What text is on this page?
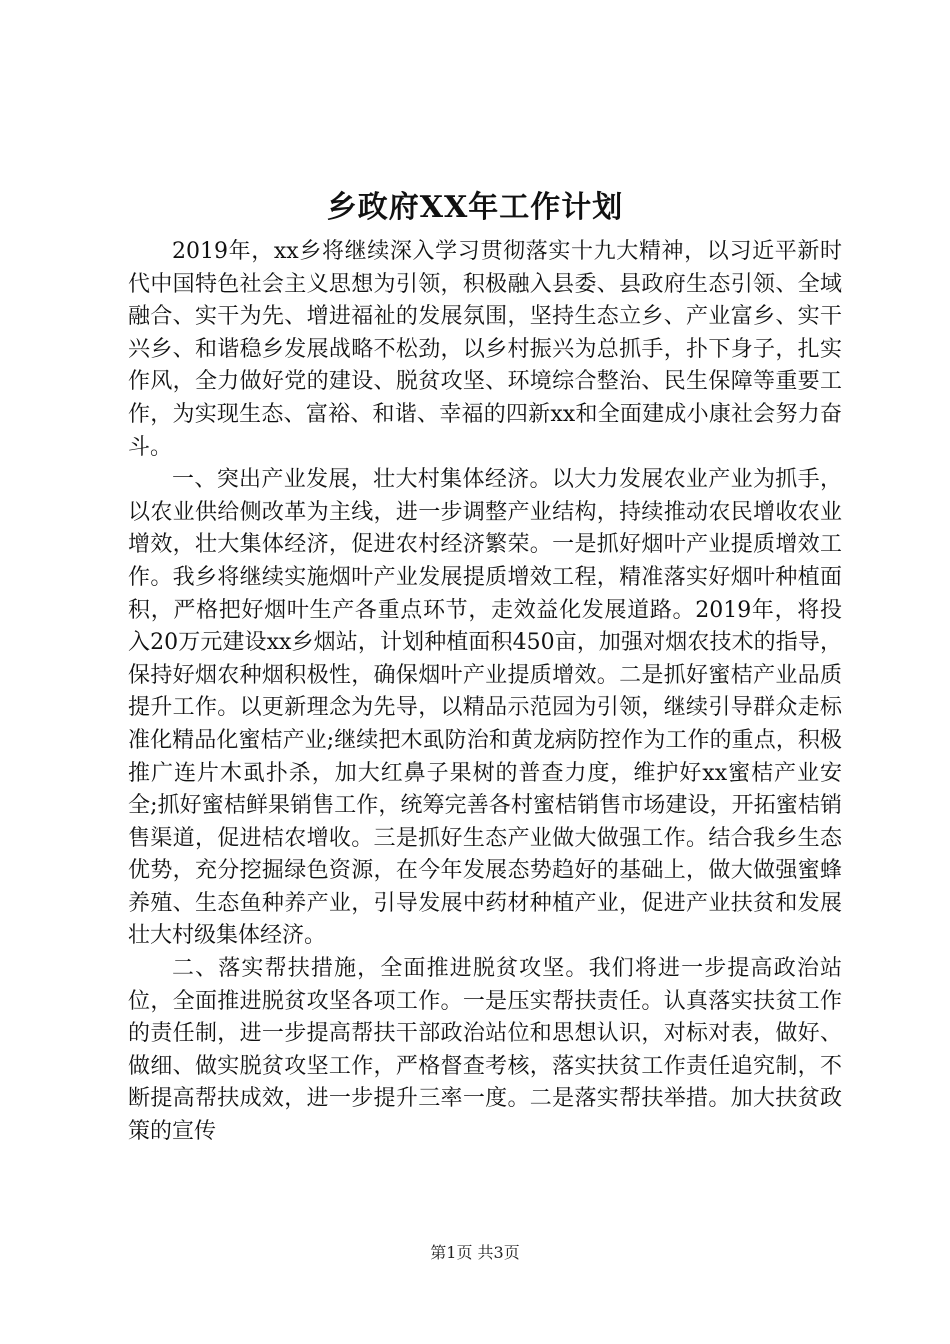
乡政府XX年工作计划

2019年，xx乡将继续深入学习贯彻落实十九大精神，以习近平新时代中国特色社会主义思想为引领，积极融入县委、县政府生态引领、全域融合、实干为先、增进福祉的发展氛围，坚持生态立乡、产业富乡、实干兴乡、和谐稳乡发展战略不松劲，以乡村振兴为总抓手，扑下身子，扎实作风，全力做好党的建设、脱贫攻坚、环境综合整治、民生保障等重要工作，为实现生态、富裕、和谐、幸福的四新xx和全面建成小康社会努力奋斗。

一、突出产业发展，壮大村集体经济。以大力发展农业产业为抓手，以农业供给侧改革为主线，进一步调整产业结构，持续推动农民增收农业增效，壮大集体经济，促进农村经济繁荣。一是抓好烟叶产业提质增效工作。我乡将继续实施烟叶产业发展提质增效工程，精准落实好烟叶种植面积，严格把好烟叶生产各重点环节，走效益化发展道路。2019年，将投入20万元建设xx乡烟站，计划种植面积450亩，加强对烟农技术的指导，保持好烟农种烟积极性，确保烟叶产业提质增效。二是抓好蜜桔产业品质提升工作。以更新理念为先导，以精品示范园为引领，继续引导群众走标准化精品化蜜桔产业;继续把木虱防治和黄龙病防控作为工作的重点，积极推广连片木虱扑杀，加大红鼻子果树的普查力度，维护好xx蜜桔产业安全;抓好蜜桔鲜果销售工作，统筹完善各村蜜桔销售市场建设，开拓蜜桔销售渠道，促进桔农增收。三是抓好生态产业做大做强工作。结合我乡生态优势，充分挖掘绿色资源，在今年发展态势趋好的基础上，做大做强蜜蜂养殖、生态鱼种养产业，引导发展中药材种植产业，促进产业扶贫和发展壮大村级集体经济。

二、落实帮扶措施，全面推进脱贫攻坚。我们将进一步提高政治站位，全面推进脱贫攻坚各项工作。一是压实帮扶责任。认真落实扶贫工作的责任制，进一步提高帮扶干部政治站位和思想认识，对标对表，做好、做细、做实脱贫攻坚工作，严格督查考核，落实扶贫工作责任追究制，不断提高帮扶成效，进一步提升三率一度。二是落实帮扶举措。加大扶贫政策的宣传

第1页 共3页
